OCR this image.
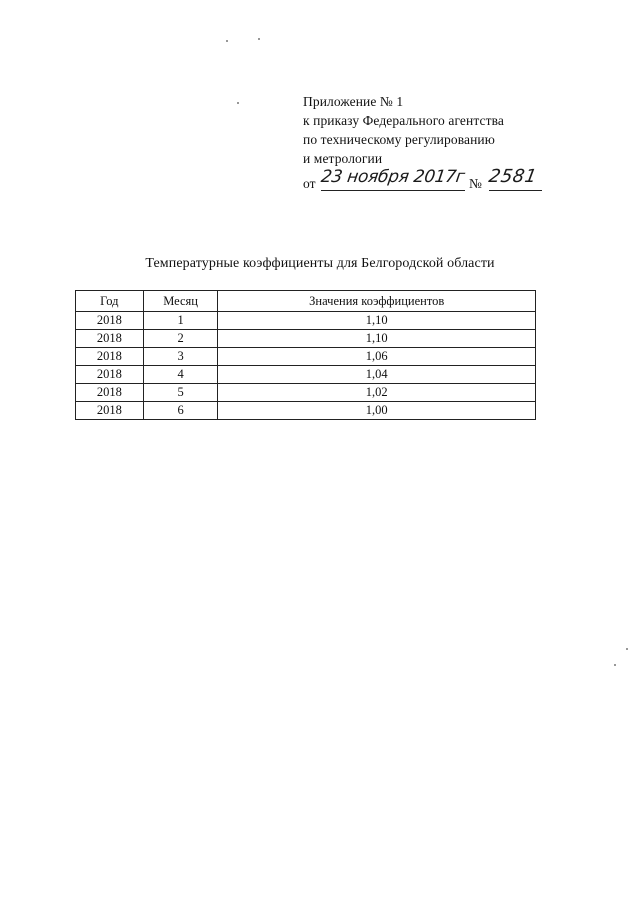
Приложение № 1
к приказу Федерального агентства
по техническому регулированию
и метрологии
от 23 ноября 2017г № 2581
Температурные коэффициенты для Белгородской области
Год	Месяц	Значения коэффициентов
2018	1	1,10
2018	2	1,10
2018	3	1,06
2018	4	1,04
2018	5	1,02
2018	6	1,00
